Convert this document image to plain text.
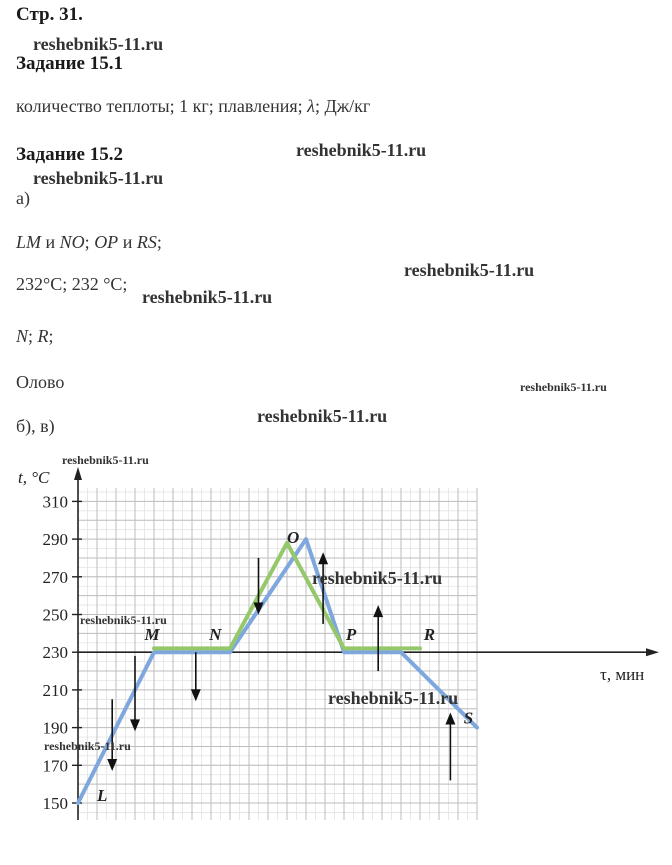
Стр. 31.
reshebnik5-11.ru
Задание 15.1
количество теплоты; 1 кг; плавления; λ; Дж/кг
Задание 15.2	reshebnik5-11.ru
reshebnik5-11.ru
а)
LM и NO; OP и RS;
reshebnik5-11.ru
232°C; 232 °C;
reshebnik5-11.ru
N; R;
Олово	reshebnik5-11.ru
reshebnik5-11.ru
б), в)
150
170
190
210
230
250
270
290
310
t, °C
τ, мин
L
M	N
O
P	R
S
reshebnik5-11.ru
reshebnik5-11.ru
reshebnik5-11.ru
reshebnik5-11.ru
reshebnik5-11.ru
